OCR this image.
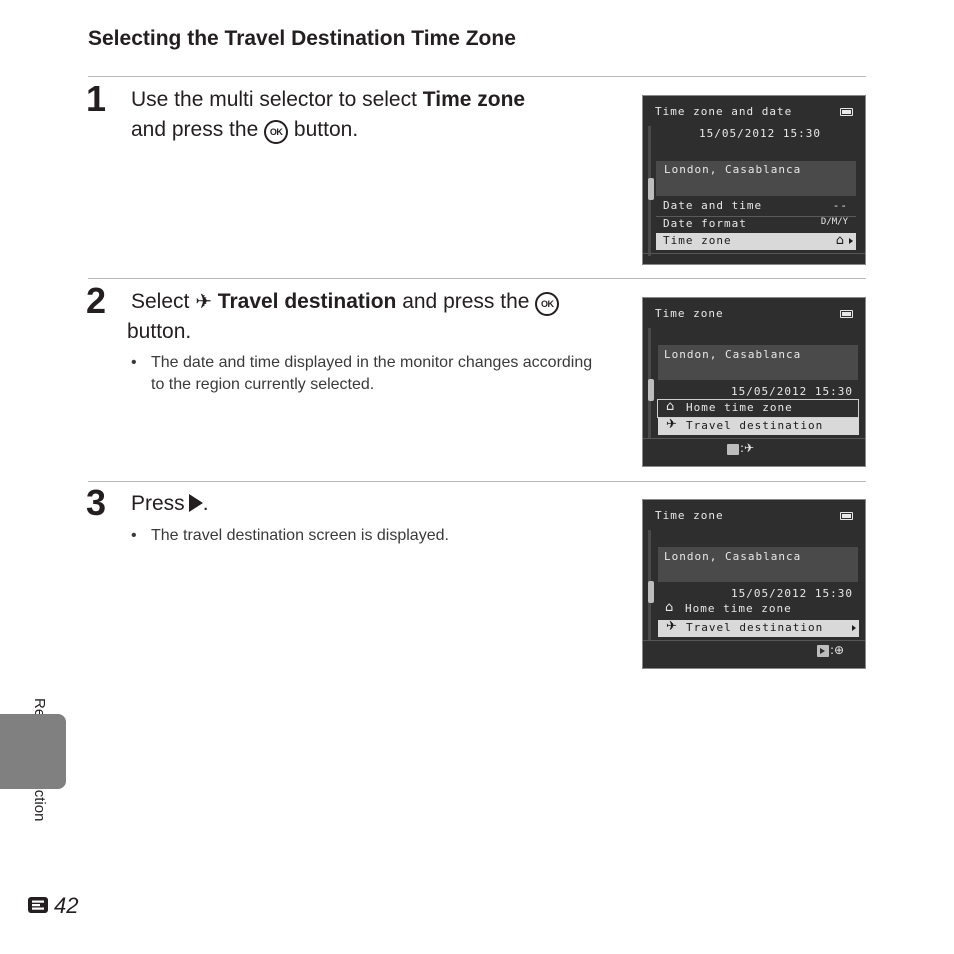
Selecting the Travel Destination Time Zone
1 Use the multi selector to select Time zone
and press the OK button.
Time zone and date
15/05/2012 15:30
London, Casablanca
Date and time	--
Date format	D/M/Y
Time zone	⌂
2 Select ✈ Travel destination and press the OK
button.
• The date and time displayed in the monitor changes according to the region currently selected.
Time zone
London, Casablanca
15/05/2012 15:30
⌂ Home time zone
✈ Travel destination
:✈
3 Press .
• The travel destination screen is displayed.
Time zone
London, Casablanca
15/05/2012 15:30
⌂ Home time zone
✈ Travel destination
:⊕
42
